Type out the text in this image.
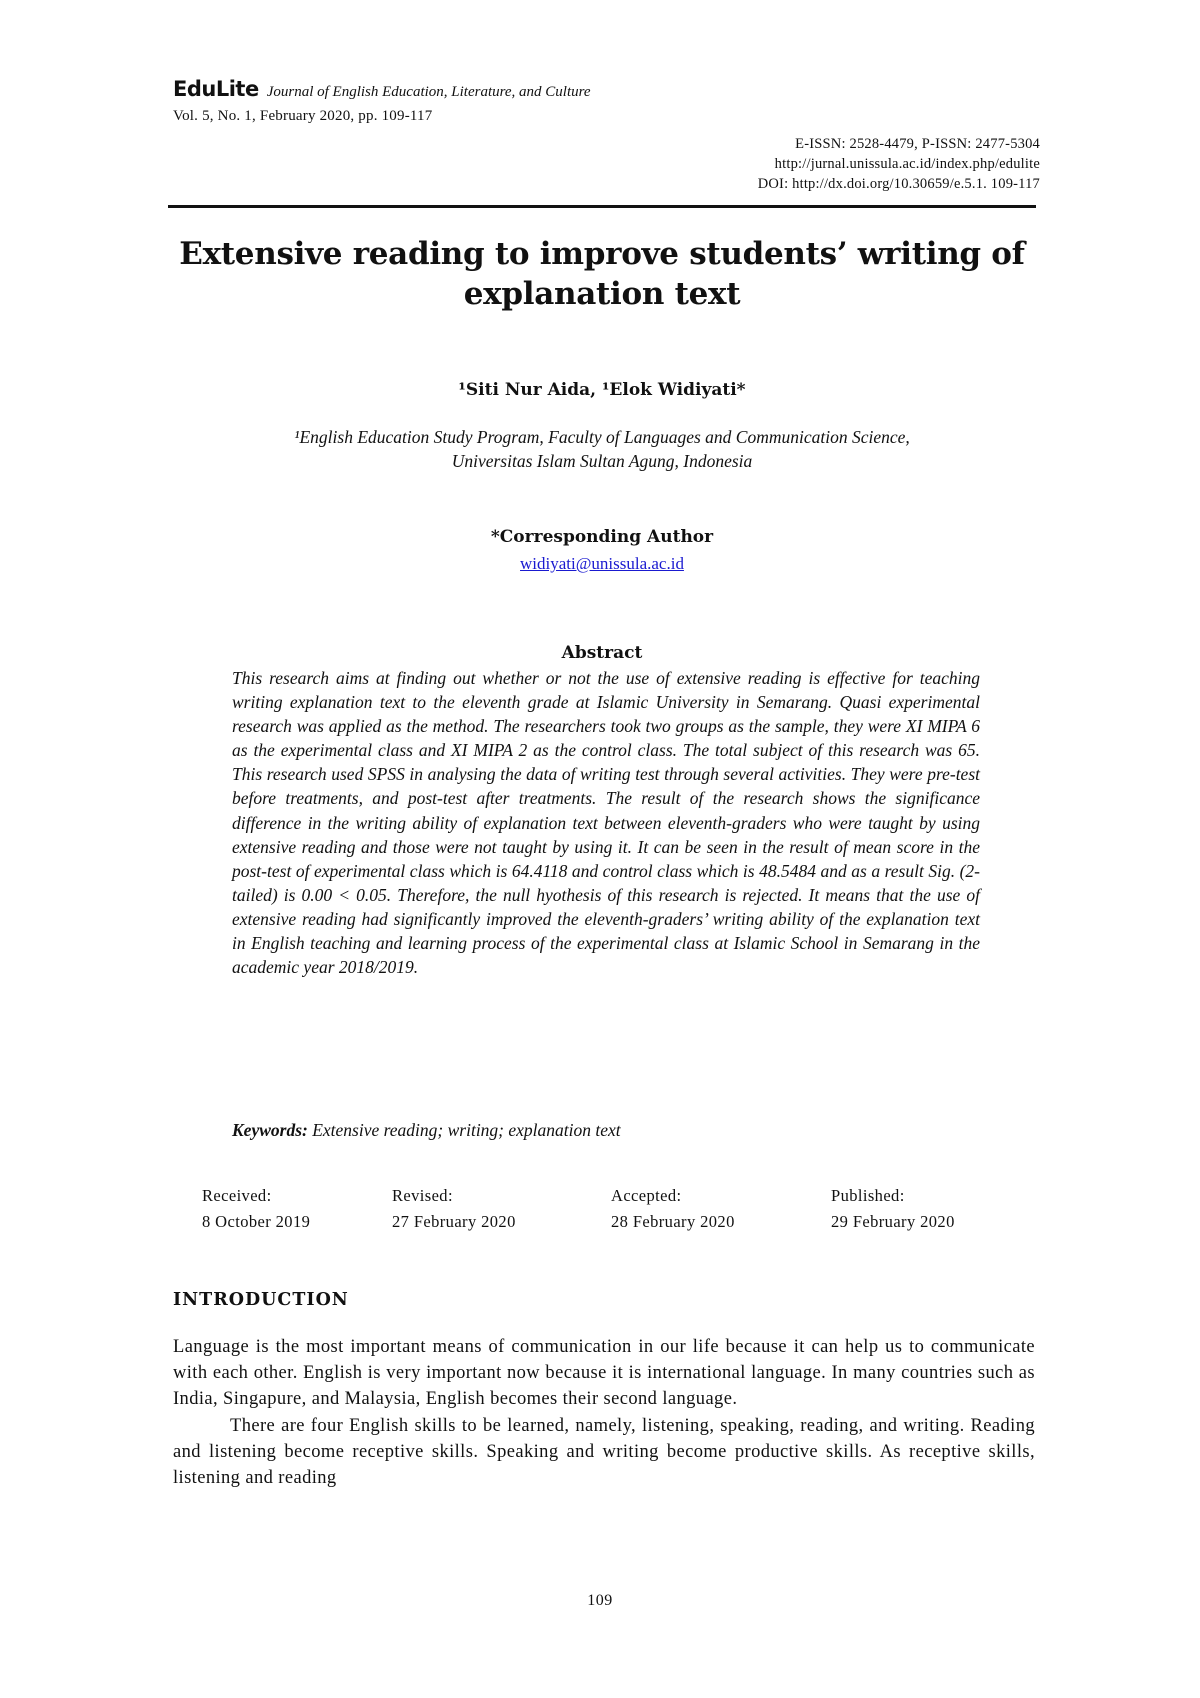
EduLite Journal of English Education, Literature, and Culture
Vol. 5, No. 1, February 2020, pp. 109-117
E-ISSN: 2528-4479, P-ISSN: 2477-5304
http://jurnal.unissula.ac.id/index.php/edulite
DOI: http://dx.doi.org/10.30659/e.5.1. 109-117
Extensive reading to improve students’ writing of explanation text
¹Siti Nur Aida, ¹Elok Widiyati*
¹English Education Study Program, Faculty of Languages and Communication Science,
Universitas Islam Sultan Agung, Indonesia
*Corresponding Author
widiyati@unissula.ac.id
Abstract
This research aims at finding out whether or not the use of extensive reading is effective for teaching writing explanation text to the eleventh grade at Islamic University in Semarang. Quasi experimental research was applied as the method. The researchers took two groups as the sample, they were XI MIPA 6 as the experimental class and XI MIPA 2 as the control class. The total subject of this research was 65. This research used SPSS in analysing the data of writing test through several activities. They were pre-test before treatments, and post-test after treatments. The result of the research shows the significance difference in the writing ability of explanation text between eleventh-graders who were taught by using extensive reading and those were not taught by using it. It can be seen in the result of mean score in the post-test of experimental class which is 64.4118 and control class which is 48.5484 and as a result Sig. (2-tailed) is 0.00 < 0.05. Therefore, the null hyothesis of this research is rejected. It means that the use of extensive reading had significantly improved the eleventh-graders’ writing ability of the explanation text in English teaching and learning process of the experimental class at Islamic School in Semarang in the academic year 2018/2019.
Keywords: Extensive reading; writing; explanation text
Received:
8 October 2019
Revised:
27 February 2020
Accepted:
28 February 2020
Published:
29 February 2020
INTRODUCTION

Language is the most important means of communication in our life because it can help us to communicate with each other. English is very important now because it is international language. In many countries such as India, Singapure, and Malaysia, English becomes their second language.

There are four English skills to be learned, namely, listening, speaking, reading, and writing. Reading and listening become receptive skills. Speaking and writing become productive skills. As receptive skills, listening and reading

109
